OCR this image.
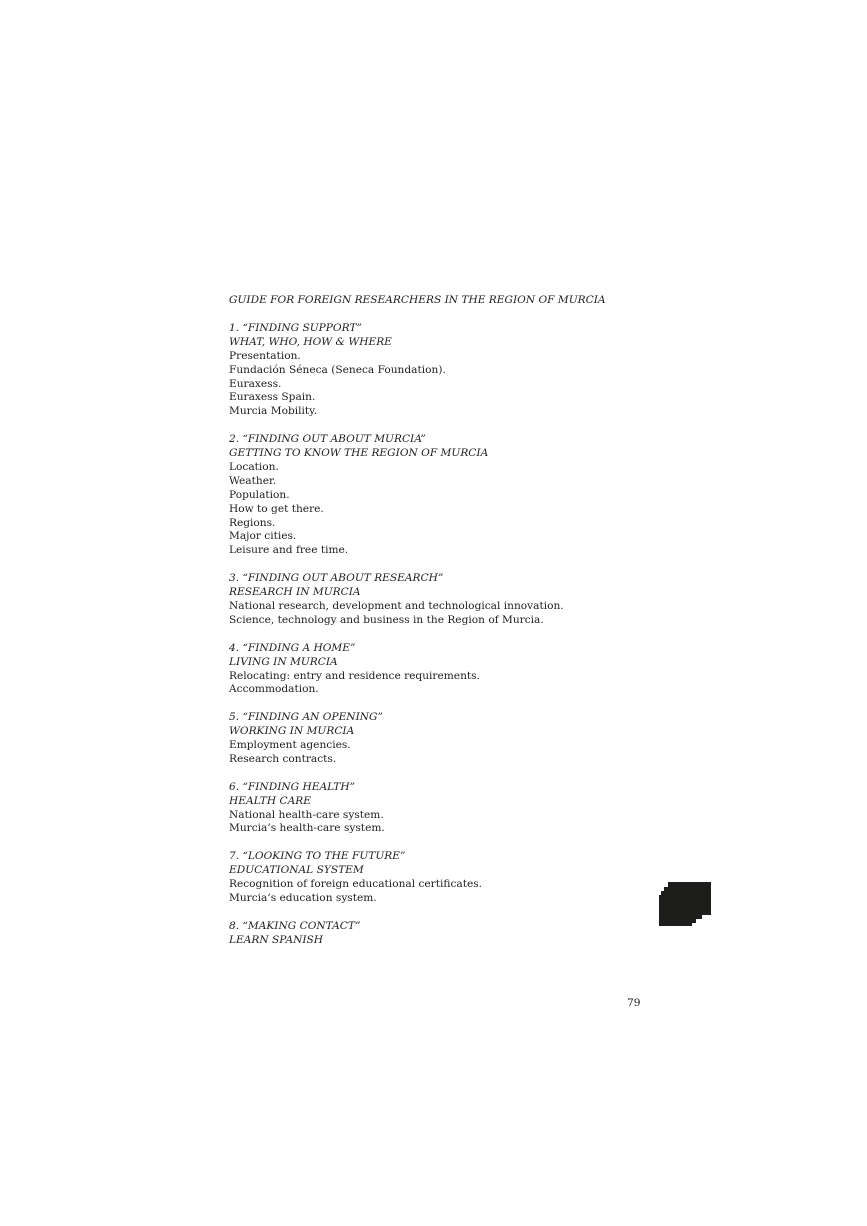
GUIDE FOR FOREIGN RESEARCHERS IN THE REGION OF MURCIA
1. “FINDING SUPPORT”
WHAT, WHO, HOW & WHERE
Presentation.
Fundación Séneca (Seneca Foundation).
Euraxess.
Euraxess Spain.
Murcia Mobility.
2. “FINDING OUT ABOUT MURCIA”
GETTING TO KNOW THE REGION OF MURCIA
Location.
Weather.
Population.
How to get there.
Regions.
Major cities.
Leisure and free time.
3. “FINDING OUT ABOUT RESEARCH”
RESEARCH IN MURCIA
National research, development and technological innovation.
Science, technology and business in the Region of Murcia.
4. “FINDING A HOME”
LIVING IN MURCIA
Relocating: entry and residence requirements.
Accommodation.
5. “FINDING AN OPENING”
WORKING IN MURCIA
Employment agencies.
Research contracts.
6. “FINDING HEALTH”
HEALTH CARE
National health-care system.
Murcia’s health-care system.
7. “LOOKING TO THE FUTURE”
EDUCATIONAL SYSTEM
Recognition of foreign educational certificates.
Murcia’s education system.
8. “MAKING CONTACT”
LEARN SPANISH
79
